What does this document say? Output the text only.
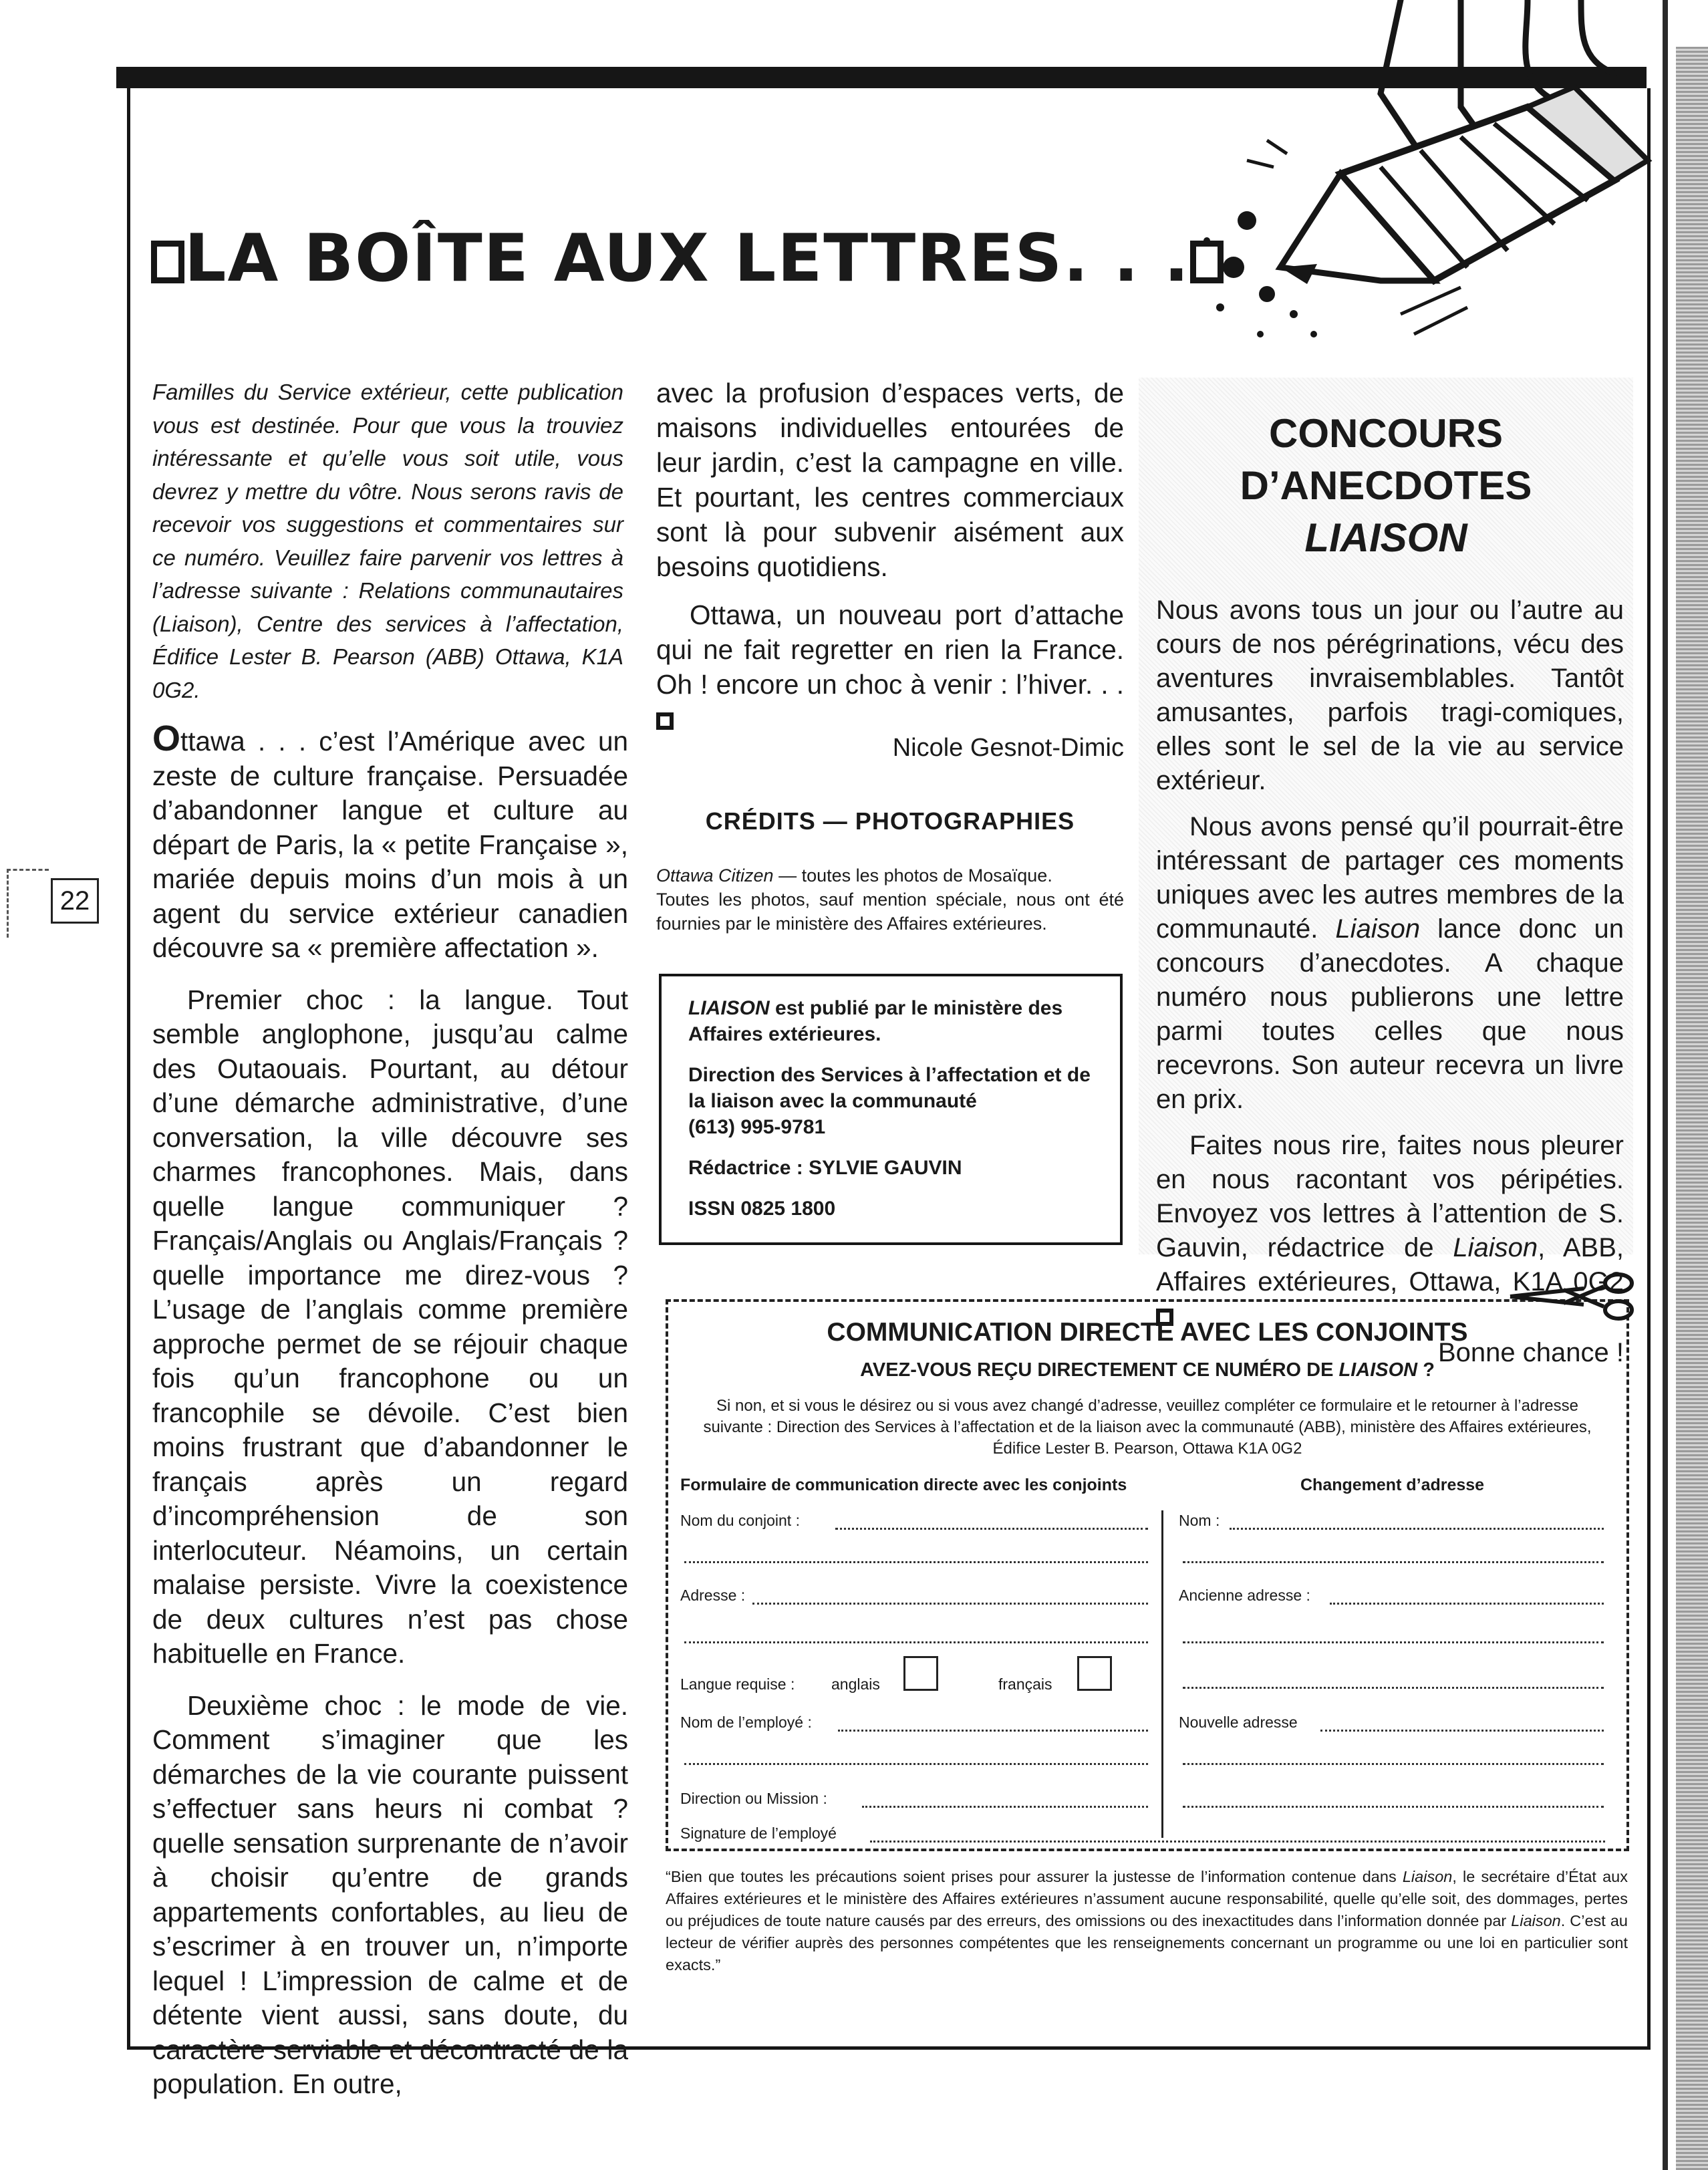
LA BOÎTE AUX LETTRES. . .
22
Familles du Service extérieur, cette publication vous est destinée. Pour que vous la trouviez intéressante et qu’elle vous soit utile, vous devrez y mettre du vôtre. Nous serons ravis de recevoir vos suggestions et commentaires sur ce numéro. Veuillez faire parvenir vos lettres à l’adresse suivante : Relations communautaires (Liaison), Centre des services à l’affectation, Édifice Lester B. Pearson (ABB) Ottawa, K1A 0G2.

Ottawa . . . c’est l’Amérique avec un zeste de culture française. Persuadée d’abandonner langue et culture au départ de Paris, la « petite Française », mariée depuis moins d’un mois à un agent du service extérieur canadien découvre sa « première affectation ».

Premier choc : la langue. Tout semble anglophone, jusqu’au calme des Outaouais. Pourtant, au détour d’une démarche administrative, d’une conversation, la ville découvre ses charmes francophones. Mais, dans quelle langue communiquer ? Français/Anglais ou Anglais/Français ? quelle importance me direz-vous ? L’usage de l’anglais comme première approche permet de se réjouir chaque fois qu’un francophone ou un francophile se dévoile. C’est bien moins frustrant que d’abandonner le français après un regard d’incompréhension de son interlocuteur. Néamoins, un certain malaise persiste. Vivre la coexistence de deux cultures n’est pas chose habituelle en France.

Deuxième choc : le mode de vie. Comment s’imaginer que les démarches de la vie courante puissent s’effectuer sans heurs ni combat ? quelle sensation surprenante de n’avoir à choisir qu’entre de grands appartements confortables, au lieu de s’escrimer à en trouver un, n’importe lequel ! L’impression de calme et de détente vient aussi, sans doute, du caractère serviable et décontracté de la population. En outre,

avec la profusion d’espaces verts, de maisons individuelles entourées de leur jardin, c’est la campagne en ville. Et pourtant, les centres commerciaux sont là pour subvenir aisément aux besoins quotidiens.

Ottawa, un nouveau port d’attache qui ne fait regretter en rien la France. Oh ! encore un choc à venir : l’hiver. . .

Nicole Gesnot-Dimic
CRÉDITS — PHOTOGRAPHIES

Ottawa Citizen — toutes les photos de Mosaïque.

Toutes les photos, sauf mention spéciale, nous ont été fournies par le ministère des Affaires extérieures.

LIAISON est publié par le ministère des Affaires extérieures.

Direction des Services à l’affectation et de la liaison avec la communauté
(613) 995-9781

Rédactrice : SYLVIE GAUVIN

ISSN 0825 1800

CONCOURS
D’ANECDOTES
LIAISON

Nous avons tous un jour ou l’autre au cours de nos pérégrinations, vécu des aventures invraisemblables. Tantôt amusantes, parfois tragi-comiques, elles sont le sel de la vie au service extérieur.

Nous avons pensé qu’il pourrait-être intéressant de partager ces moments uniques avec les autres membres de la communauté. Liaison lance donc un concours d’anecdotes. A chaque numéro nous publierons une lettre parmi toutes celles que nous recevrons. Son auteur recevra un livre en prix.

Faites nous rire, faites nous pleurer en nous racontant vos péripéties. Envoyez vos lettres à l’attention de S. Gauvin, rédactrice de Liaison, ABB, Affaires extérieures, Ottawa, K1A 0G2

Bonne chance !

COMMUNICATION DIRECTE AVEC LES CONJOINTS
AVEZ-VOUS REÇU DIRECTEMENT CE NUMÉRO DE LIAISON ?
Si non, et si vous le désirez ou si vous avez changé d’adresse, veuillez compléter ce formulaire et le retourner à l’adresse suivante : Direction des Services à l’affectation et de la liaison avec la communauté (ABB), ministère des Affaires extérieures, Édifice Lester B. Pearson, Ottawa K1A 0G2
Formulaire de communication directe avec les conjoints	Changement d’adresse
Nom du conjoint :
Adresse :
Langue requise : anglais	français
Nom de l’employé :
Direction ou Mission :
Signature de l’employé
Nom :
Ancienne adresse :
Nouvelle adresse
“Bien que toutes les précautions soient prises pour assurer la justesse de l’information contenue dans Liaison, le secrétaire d’État aux Affaires extérieures et le ministère des Affaires extérieures n’assument aucune responsabilité, quelle qu’elle soit, des dommages, pertes ou préjudices de toute nature causés par des erreurs, des omissions ou des inexactitudes dans l’information donnée par Liaison. C’est au lecteur de vérifier auprès des personnes compétentes que les renseignements concernant un programme ou une loi en particulier sont exacts.”
